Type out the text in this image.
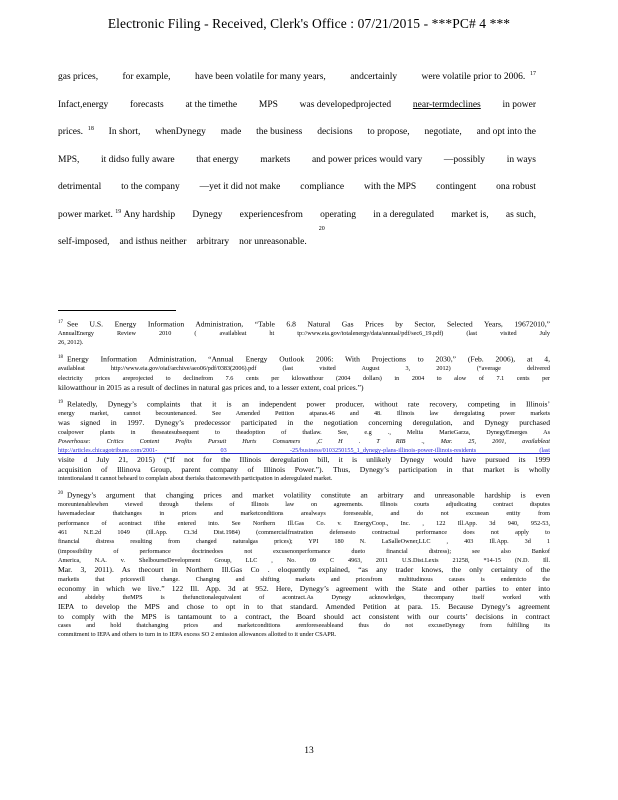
Electronic Filing - Received, Clerk's Office : 07/21/2015 - ***PC# 4 ***
gas prices,	for example,	have been volatile for many years,	andcertainly	were volatile prior to 2006. $^{17}$
Infact,energy forecasts at the timethe MPS was developedprojected near-termdeclines in power
prices. $^{18}$ In short, whenDynegy made the business decisions to propose, negotiate, and opt into the
MPS, it didso fully aware that energy markets and power prices would vary —possibly in ways
detrimental to the company —yet it did not make compliance with the MPS contingent ona robust
power market. $^{19}$ Any hardship Dynegy experiencesfrom operating in a deregulated market is, as such,
self-imposed, and isthus neither arbitrary nor unreasonable.
20
$^{17}$ See U.S. Energy Information Administration, “Table 6.8 Natural Gas Prices by Sector, Selected Years, 19672010,”
AnnualEnergy Review 2010 ( availableat ht tp://www.eia.gov/totalenergy/data/annual/pdf/sec6_19.pdf) (last visited July
26, 2012).
$^{18}$ Energy Information Administration, “Annual Energy Outlook 2006: With Projections to 2030,” (Feb. 2006), at 4,
availableat http://www.eia.gov/oiaf/archive/aeo06/pdf/0383(2006).pdf (last visited August 3, 2012) (“average delivered
electricity prices areprojected to declinefrom 7.6 cents per kilowatthour (2004 dollars) in 2004 to alow of 7.1 cents per
kilowatthour in 2015 as a result of declines in natural gas prices and, to a lesser extent, coal prices.”)
$^{19}$ Relatedly, Dynegy’s complaints that it is an independent power producer, without rate recovery, competing in Illinois’
energy market, cannot becountenanced. See Amended Petition atparas.46 and 48. Illinois law deregulating power markets
was signed in 1997. Dynegy’s predecessor participated in the negotiation concerning deregulation, and Dynegy purchased
coalpower plants in theseatesubsequent to theadoption of thatlaw. See, e.g ., Melita MarieGarza, DynegyEmerges As
Powerhouse: Critics Content Profits Pursuit Hurts Consumers ,C H . T RIB ., Mar. 25, 2001, availableat
http://articles.chicagotribune.com/2001- 03 -25/business/0103250155_1_dynegy-plans-illinois-power-illinois-residents (last
visite d July 21, 2015) (“If not for the Illinois deregulation bill, it is unlikely Dynegy would have pursued its 1999
acquisition of Illinova Group, parent company of Illinois Power.”). Thus, Dynegy’s participation in that market is wholly
intentionaland it cannot beheard to complain about therisks thatcomewith participation in aderegulated market.
$^{20}$ Dynegy’s argument that changing prices and market volatility constitute an arbitrary and unreasonable hardship is even
moreuntenablewhen viewed through thelens of Illinois law on agreements. Illinois courts adjudicating contract disputes
havemadeclear thatchanges in prices and marketconditions arealways foreseeable, and do not excusean entity from
performance of acontract ifthe entered into. See Northern Ill.Gas Co. v. EnergyCoop., Inc. , 122 Ill.App. 3d 940, 952-53,
461 N.E.2d 1049 (Ill.App. Ct.3d Dist.1984) (commercialfrustration defensesto contractual performance does not apply to
financial distress resulting from changed naturalgas prices); YPI 180 N. LaSalleOwner,LLC , 403 Ill.App. 3d 1
(impossibility of performance doctrinedoes not excusenonperformance dueto financial distress); see also Bankof
America, N.A. v. ShelbourneDevelopment Group, LLC , No. 09 C 4963, 2011 U.S.Dist.Lexis 21258, *14-15 (N.D. Ill.
Mar. 3, 2011). As thecourt in Northern Ill.Gas Co . eloquently explained, “as any trader knows, the only certainty of the
marketis that priceswill change. Changing and shifting markets and pricesfrom multitudinous causes is endemicto the
economy in which we live.” 122 Ill. App. 3d at 952. Here, Dynegy’s agreement with the State and other parties to enter into
and abideby theMPS is thefunctionalequivalent of acontract.As Dynegy acknowledges, thecompany itself worked with
IEPA to develop the MPS and chose to opt in to that standard. Amended Petition at para. 15. Because Dynegy’s agreement
to comply with the MPS is tantamount to a contract, the Board should act consistent with our courts’ decisions in contract
cases and hold thatchanging prices and marketconditions arenforeseeableand thus do not excuseDynegy from fulfilling its
commitment to IEPA and others to turn in to IEPA excess SO 2 emission allowances allotted to it under CSAPR.
13
